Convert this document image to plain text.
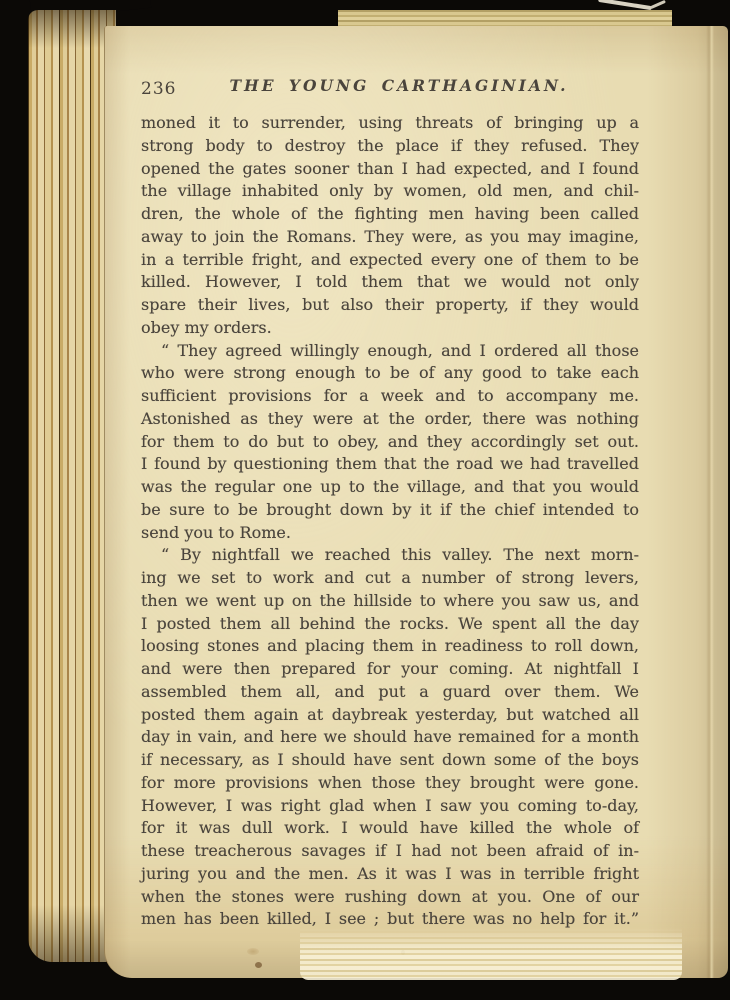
236	THE YOUNG CARTHAGINIAN.
moned it to surrender, using threats of bringing up a
strong body to destroy the place if they refused. They
opened the gates sooner than I had expected, and I found
the village inhabited only by women, old men, and chil-
dren, the whole of the fighting men having been called
away to join the Romans. They were, as you may imagine,
in a terrible fright, and expected every one of them to be
killed. However, I told them that we would not only
spare their lives, but also their property, if they would
obey my orders.
“ They agreed willingly enough, and I ordered all those
who were strong enough to be of any good to take each
sufficient provisions for a week and to accompany me.
Astonished as they were at the order, there was nothing
for them to do but to obey, and they accordingly set out.
I found by questioning them that the road we had travelled
was the regular one up to the village, and that you would
be sure to be brought down by it if the chief intended to
send you to Rome.
“ By nightfall we reached this valley. The next morn-
ing we set to work and cut a number of strong levers,
then we went up on the hillside to where you saw us, and
I posted them all behind the rocks. We spent all the day
loosing stones and placing them in readiness to roll down,
and were then prepared for your coming. At nightfall I
assembled them all, and put a guard over them. We
posted them again at daybreak yesterday, but watched all
day in vain, and here we should have remained for a month
if necessary, as I should have sent down some of the boys
for more provisions when those they brought were gone.
However, I was right glad when I saw you coming to-day,
for it was dull work. I would have killed the whole of
these treacherous savages if I had not been afraid of in-
juring you and the men. As it was I was in terrible fright
when the stones were rushing down at you. One of our
men has been killed, I see ; but there was no help for it.”
